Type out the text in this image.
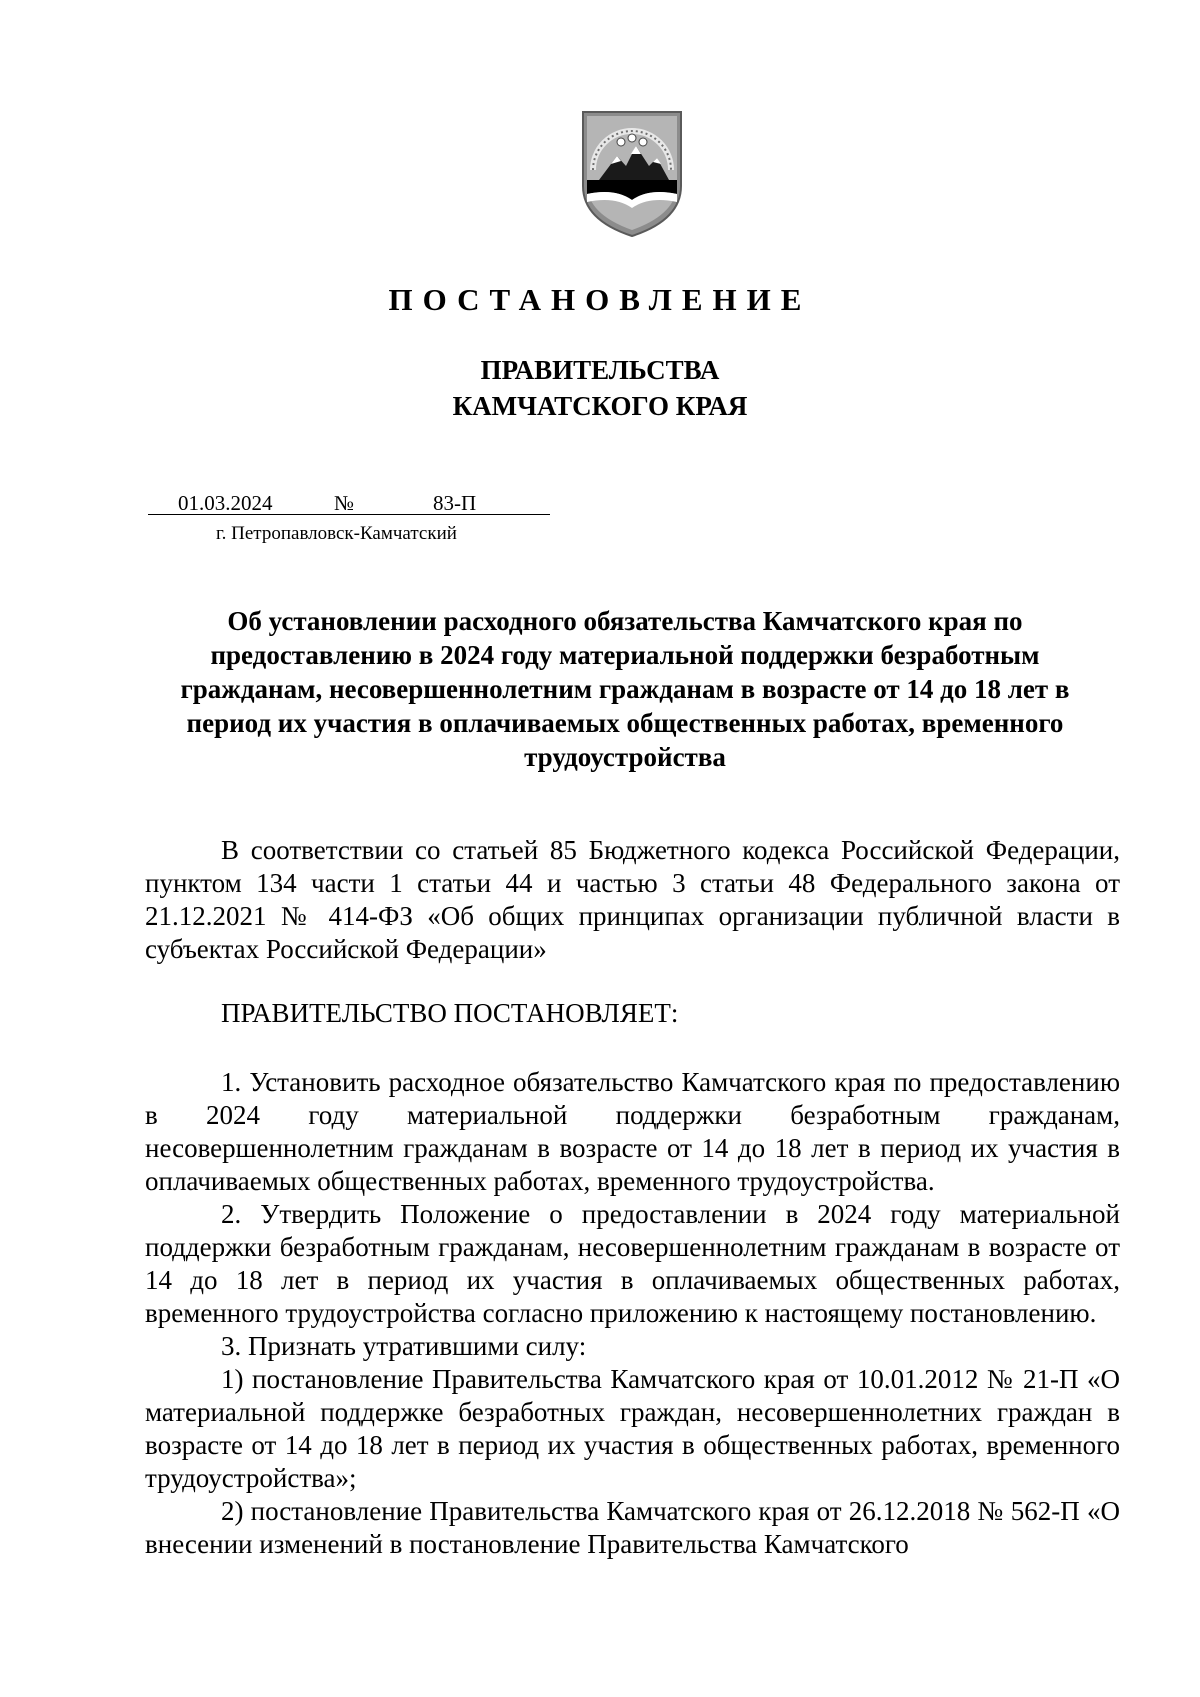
ПОСТАНОВЛЕНИЕ
ПРАВИТЕЛЬСТВА
КАМЧАТСКОГО КРАЯ
01.03.2024	№	83-П
г. Петропавловск-Камчатский
Об установлении расходного обязательства Камчатского края по предоставлению в 2024 году материальной поддержки безработным гражданам, несовершеннолетним гражданам в возрасте от 14 до 18 лет в период их участия в оплачиваемых общественных работах, временного трудоустройства

В соответствии со статьей 85 Бюджетного кодекса Российской Федерации, пунктом 134 части 1 статьи 44 и частью 3 статьи 48 Федерального закона от 21.12.2021 № 414-ФЗ «Об общих принципах организации публичной власти в субъектах Российской Федерации»

ПРАВИТЕЛЬСТВО ПОСТАНОВЛЯЕТ:

1. Установить расходное обязательство Камчатского края по предоставлению в 2024 году материальной поддержки безработным гражданам, несовершеннолетним гражданам в возрасте от 14 до 18 лет в период их участия в оплачиваемых общественных работах, временного трудоустройства.

2. Утвердить Положение о предоставлении в 2024 году материальной поддержки безработным гражданам, несовершеннолетним гражданам в возрасте от 14 до 18 лет в период их участия в оплачиваемых общественных работах, временного трудоустройства согласно приложению к настоящему постановлению.

3. Признать утратившими силу:

1) постановление Правительства Камчатского края от 10.01.2012 № 21-П «О материальной поддержке безработных граждан, несовершеннолетних граждан в возрасте от 14 до 18 лет в период их участия в общественных работах, временного трудоустройства»;

2) постановление Правительства Камчатского края от 26.12.2018 № 562-П «О внесении изменений в постановление Правительства Камчатского
